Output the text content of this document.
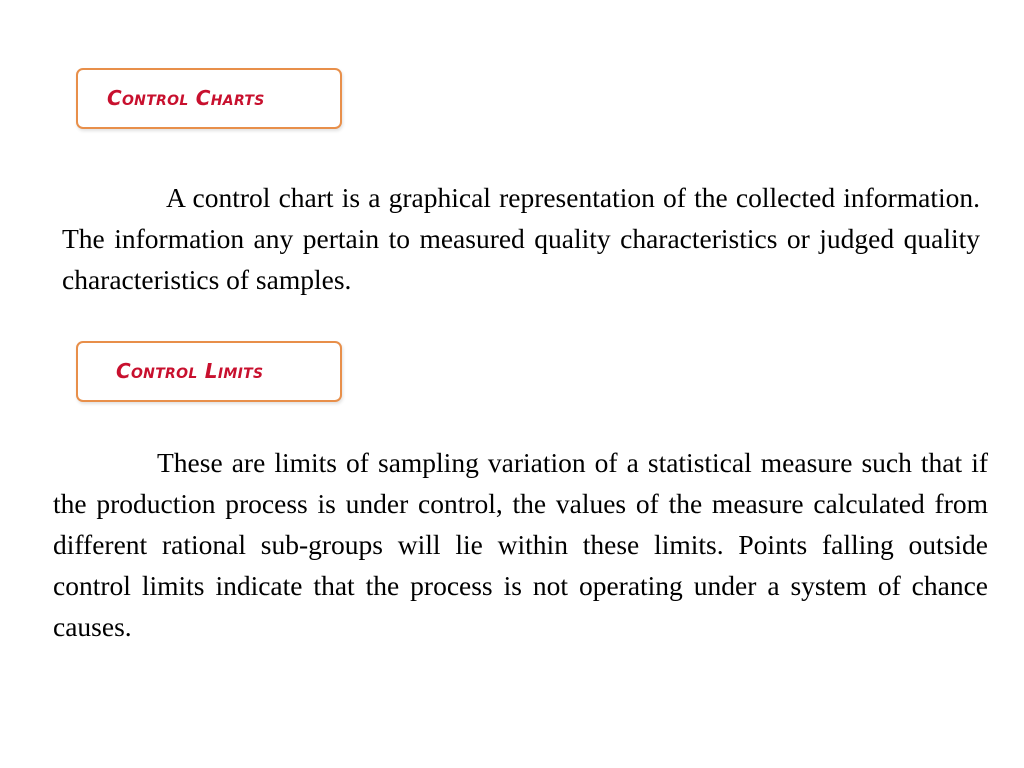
Control Charts

A control chart is a graphical representation of the collected information. The information any pertain to measured quality characteristics or judged quality characteristics of samples.

Control Limits

These are limits of sampling variation of a statistical measure such that if the production process is under control, the values of the measure calculated from different rational sub-groups will lie within these limits. Points falling outside control limits indicate that the process is not operating under a system of chance causes.
